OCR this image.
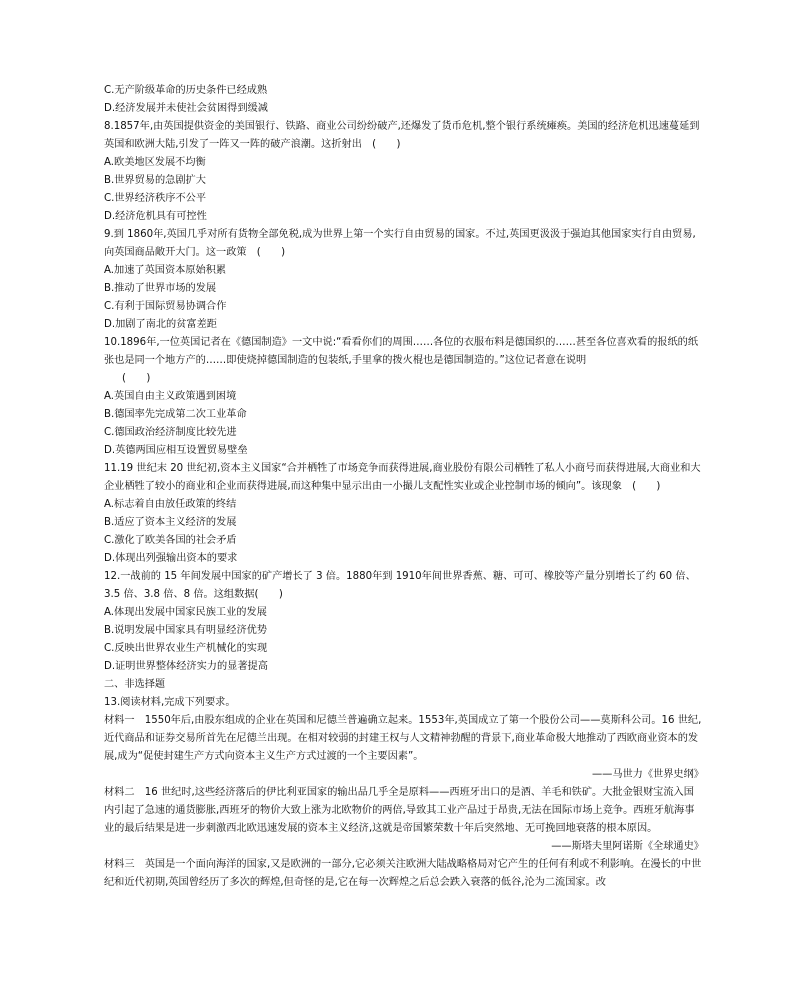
C.无产阶级革命的历史条件已经成熟
D.经济发展并未使社会贫困得到缓减
8.1857年,由英国提供资金的美国银行、铁路、商业公司纷纷破产,还爆发了货币危机,整个银行系统瘫痪。美国的经济危机迅速蔓延到英国和欧洲大陆,引发了一阵又一阵的破产浪潮。这折射出　(　　)
A.欧美地区发展不均衡
B.世界贸易的急剧扩大
C.世界经济秩序不公平
D.经济危机具有可控性
9.到 1860年,英国几乎对所有货物全部免税,成为世界上第一个实行自由贸易的国家。不过,英国更汲汲于强迫其他国家实行自由贸易,向英国商品敞开大门。这一政策　(　　)
A.加速了英国资本原始积累
B.推动了世界市场的发展
C.有利于国际贸易协调合作
D.加剧了南北的贫富差距
10.1896年,一位英国记者在《德国制造》一文中说:“看看你们的周围……各位的衣服布料是德国织的……甚至各位喜欢看的报纸的纸张也是同一个地方产的……即使烧掉德国制造的包装纸,手里拿的拨火棍也是德国制造的。”这位记者意在说明
(　　)
A.英国自由主义政策遇到困境
B.德国率先完成第二次工业革命
C.德国政治经济制度比较先进
D.英德两国应相互设置贸易壁垒
11.19 世纪末 20 世纪初,资本主义国家“合并栖牲了市场竞争而获得进展,商业股份有限公司栖牲了私人小商号而获得进展,大商业和大企业栖牲了较小的商业和企业而获得进展,而这种集中显示出由一小撮儿支配性实业或企业控制市场的倾向”。该现象　(　　)
A.标志着自由放任政策的终结
B.适应了资本主义经济的发展
C.激化了欧美各国的社会矛盾
D.体现出列强输出资本的要求
12.一战前的 15 年间发展中国家的矿产增长了 3 倍。1880年到 1910年间世界香蕉、糖、可可、橡胶等产量分别增长了约 60 倍、3.5 倍、3.8 倍、8 倍。这组数据(　　)
A.体现出发展中国家民族工业的发展
B.说明发展中国家具有明显经济优势
C.反映出世界农业生产机械化的实现
D.证明世界整体经济实力的显著提高
二、非选择题
13.阅读材料,完成下列要求。
材料一　1550年后,由股东组成的企业在英国和尼德兰普遍确立起来。1553年,英国成立了第一个股份公司——莫斯科公司。16 世纪,近代商品和证券交易所首先在尼德兰出现。在相对较弱的封建王权与人文精神勃醒的背景下,商业革命极大地推动了西欧商业资本的发展,成为“促使封建生产方式向资本主义生产方式过渡的一个主要因素”。
——马世力《世界史纲》
材料二　16 世纪时,这些经济落后的伊比利亚国家的输出品几乎全是原料——西班牙出口的是酒、羊毛和铁矿。大批金银财宝流入国内引起了急速的通货膨胀,西班牙的物价大致上涨为北欧物价的两倍,导致其工业产品过于昂贵,无法在国际市场上竞争。西班牙航海事业的最后结果是进一步刺激西北欧迅速发展的资本主义经济,这就是帝国繁荣数十年后突然地、无可挽回地衰落的根本原因。
——斯塔夫里阿诺斯《全球通史》
材料三　英国是一个面向海洋的国家,又是欧洲的一部分,它必须关注欧洲大陆战略格局对它产生的任何有利或不利影响。在漫长的中世纪和近代初期,英国曾经历了多次的辉煌,但奇怪的是,它在每一次辉煌之后总会跌入衰落的低谷,沦为二流国家。改
